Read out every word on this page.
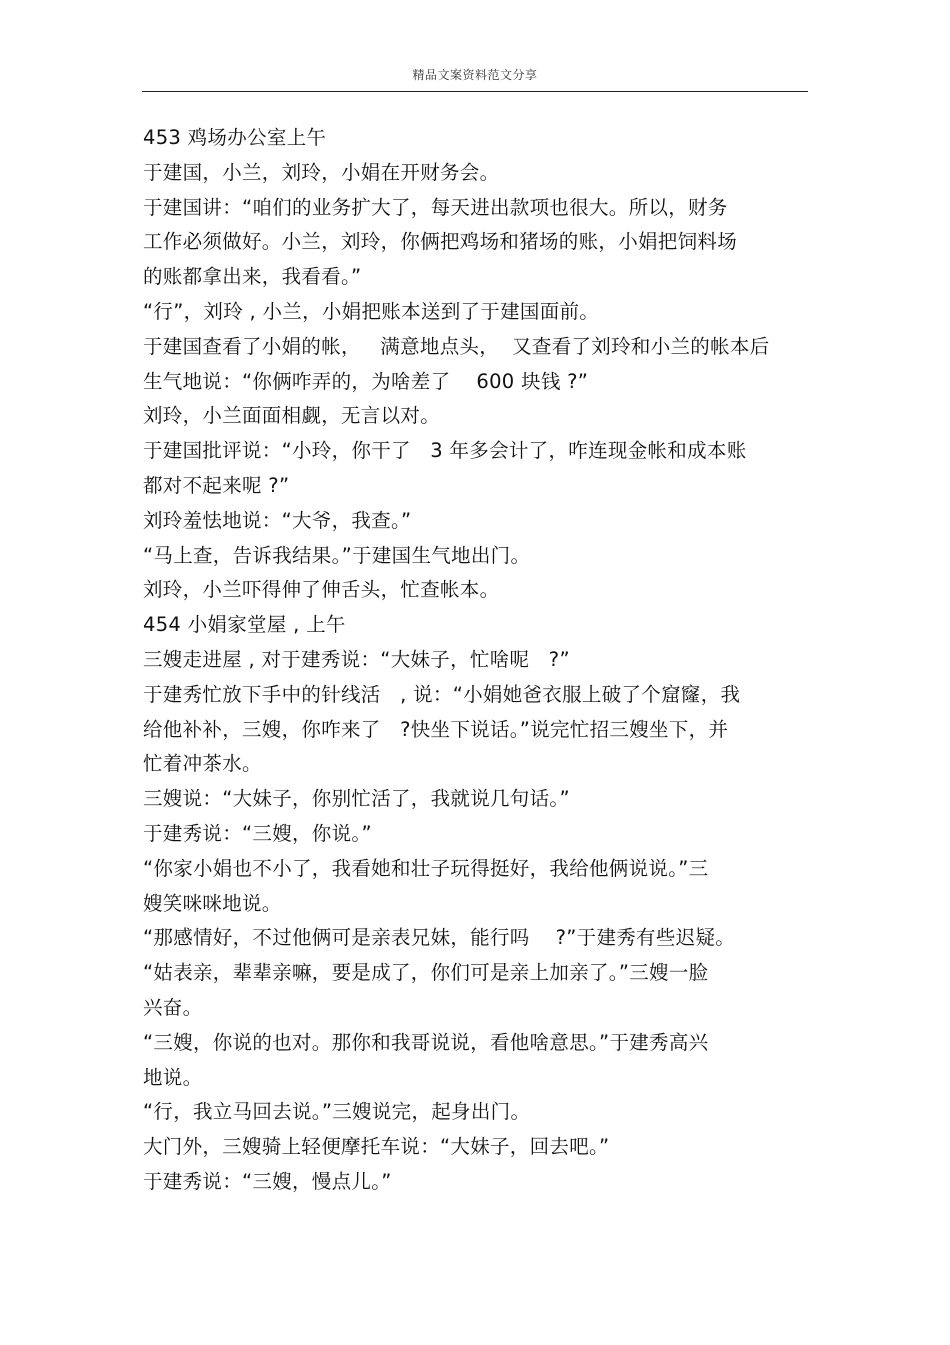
精品文案资料范文分享
453 鸡场办公室上午
于建国，小兰，刘玲，小娟在开财务会。
于建国讲：“咱们的业务扩大了，每天进出款项也很大。所以，财务
工作必须做好。小兰，刘玲，你俩把鸡场和猪场的账，小娟把饲料场
的账都拿出来，我看看。”
“行”，刘玲 , 小兰，小娟把账本送到了于建国面前。
于建国查看了小娟的帐，   满意地点头，  又查看了刘玲和小兰的帐本后
生气地说：“你俩咋弄的，为啥差了    600 块钱 ?”
刘玲，小兰面面相觑，无言以对。
于建国批评说：“小玲，你干了   3 年多会计了，咋连现金帐和成本账
都对不起来呢 ?”
刘玲羞怯地说：“大爷，我查。”
“马上查，告诉我结果。”于建国生气地出门。
刘玲，小兰吓得伸了伸舌头，忙查帐本。
454 小娟家堂屋 , 上午
三嫂走进屋 , 对于建秀说：“大妹子，忙啥呢   ?”
于建秀忙放下手中的针线活   , 说：“小娟她爸衣服上破了个窟窿，我
给他补补，三嫂，你咋来了   ?快坐下说话。”说完忙招三嫂坐下，并
忙着冲茶水。
三嫂说：“大妹子，你别忙活了，我就说几句话。”
于建秀说：“三嫂，你说。”
“你家小娟也不小了，我看她和壮子玩得挺好，我给他俩说说。”三
嫂笑咪咪地说。
“那感情好，不过他俩可是亲表兄妹，能行吗    ?”于建秀有些迟疑。
“姑表亲，辈辈亲嘛，要是成了，你们可是亲上加亲了。”三嫂一脸
兴奋。
“三嫂，你说的也对。那你和我哥说说，看他啥意思。”于建秀高兴
地说。
“行，我立马回去说。”三嫂说完，起身出门。
大门外，三嫂骑上轻便摩托车说：“大妹子，回去吧。”
于建秀说：“三嫂，慢点儿。”
